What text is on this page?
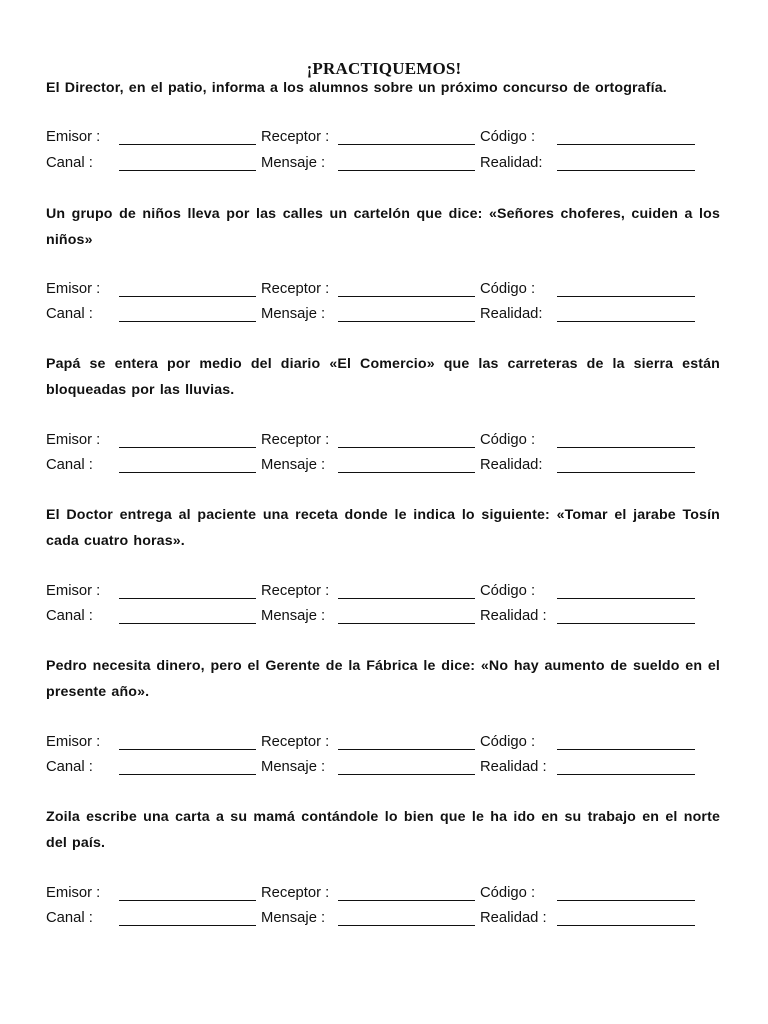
¡PRACTIQUEMOS!
El Director, en el patio, informa a los alumnos sobre un próximo concurso de ortografía.
Emisor :	Receptor :	Código :
Canal :	Mensaje :	Realidad:
Un grupo de niños lleva por las calles un cartelón que dice: «Señores choferes, cuiden a los niños»
Emisor :	Receptor :	Código :
Canal :	Mensaje :	Realidad:
Papá se entera por medio del diario «El Comercio» que las carreteras de la sierra están bloqueadas por las lluvias.
Emisor :	Receptor :	Código :
Canal :	Mensaje :	Realidad:
El Doctor entrega al paciente una receta donde le indica lo siguiente: «Tomar el jarabe Tosín cada cuatro horas».
Emisor :	Receptor :	Código :
Canal :	Mensaje :	Realidad :
Pedro necesita dinero, pero el Gerente de la Fábrica le dice: «No hay aumento de sueldo en el presente año».
Emisor :	Receptor :	Código :
Canal :	Mensaje :	Realidad :
Zoila escribe una carta a su mamá contándole lo bien que le ha ido en su trabajo en el norte del país.
Emisor :	Receptor :	Código :
Canal :	Mensaje :	Realidad :
